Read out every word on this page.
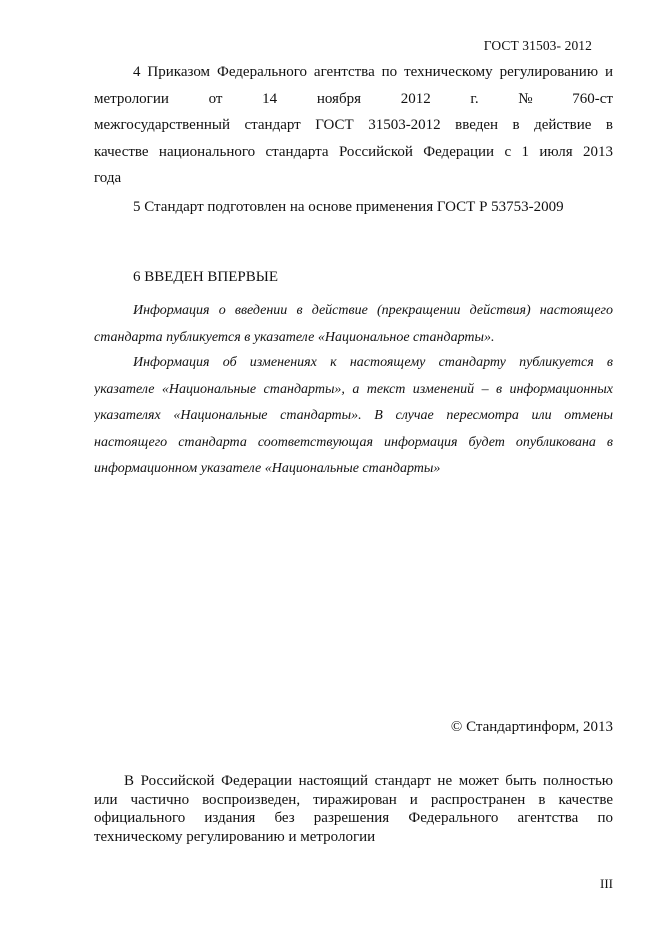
ГОСТ 31503- 2012
4 Приказом Федерального агентства по техническому регулированию и
метрологии	от	14	ноября	2012	г.	№	760-ст
межгосударственный стандарт ГОСТ 31503-2012 введен в действие в
качестве национального стандарта Российской Федерации с 1 июля 2013
года
5 Стандарт подготовлен на основе применения ГОСТ Р 53753-2009
6 ВВЕДЕН ВПЕРВЫЕ
Информация о введении в действие (прекращении действия) настоящего
стандарта публикуется в указателе «Национальное стандарты».
Информация об изменениях к настоящему стандарту публикуется в
указателе «Национальные стандарты», а текст изменений – в информационных
указателях «Национальные стандарты». В случае пересмотра или отмены
настоящего стандарта соответствующая информация будет опубликована в
информационном указателе «Национальные стандарты»
© Стандартинформ, 2013
В Российской Федерации настоящий стандарт не может быть полностью
или частично воспроизведен, тиражирован и распространен в качестве
официального издания без разрешения Федерального агентства по
техническому регулированию и метрологии
III
